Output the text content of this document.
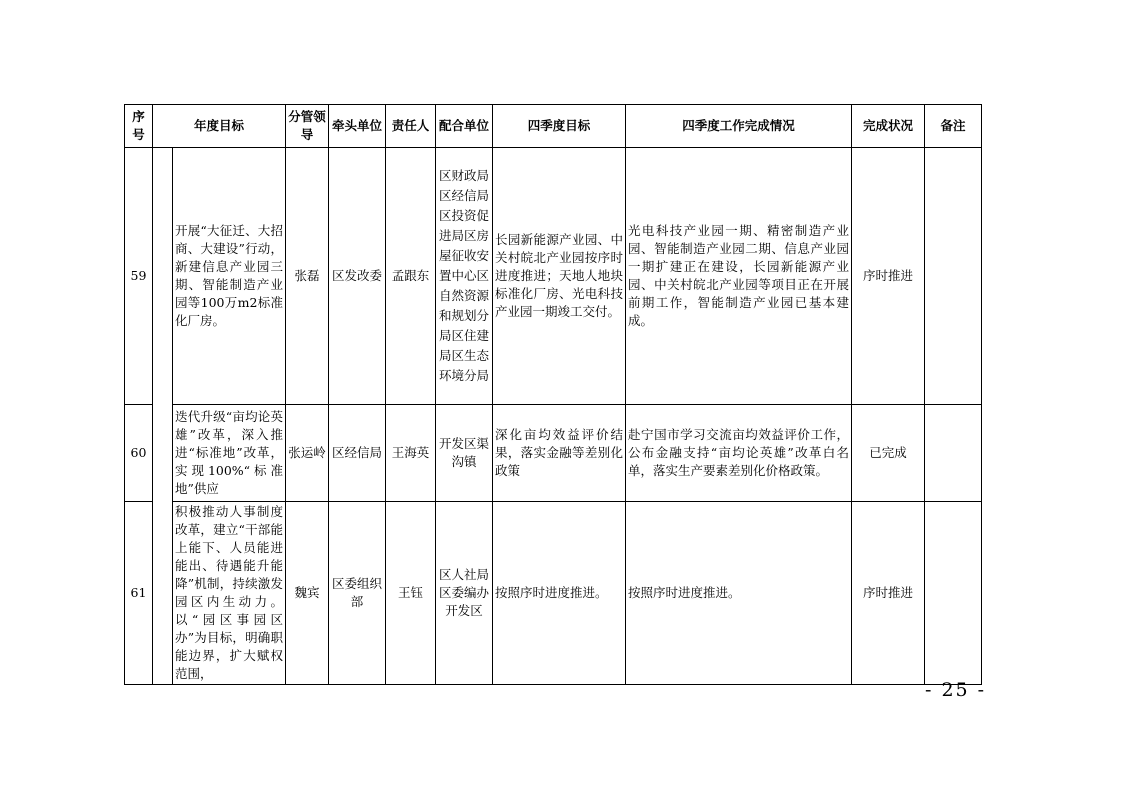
序号	年度目标		分管领导	牵头单位	责任人	配合单位	四季度目标	四季度工作完成情况	完成状况	备注
59		开展“大征迁、大招商、大建设”行动，新建信息产业园三期、智能制造产业园等100万m2标准化厂房。	张磊	区发改委	孟跟东	区财政局区经信局区投资促进局区房屋征收安置中心区自然资源和规划分局区住建局区生态环境分局	长园新能源产业园、中关村皖北产业园按序时进度推进；天地人地块标准化厂房、光电科技产业园一期竣工交付。	光电科技产业园一期、精密制造产业园、智能制造产业园二期、信息产业园一期扩建正在建设，长园新能源产业园、中关村皖北产业园等项目正在开展前期工作，智能制造产业园已基本建成。	序时推进	
60		迭代升级“亩均论英雄”改革，深入推进“标准地”改革，实现100%“标准地”供应	张运岭	区经信局	王海英	开发区渠沟镇	深化亩均效益评价结果，落实金融等差别化政策	赴宁国市学习交流亩均效益评价工作，公布金融支持“亩均论英雄”改革白名单，落实生产要素差别化价格政策。	已完成	
61		积极推动人事制度改革，建立“干部能上能下、人员能进能出、待遇能升能降”机制，持续激发园区内生动力。以“园区事园区办”为目标，明确职能边界，扩大赋权范围，	魏宾	区委组织部	王钰	区人社局区委编办开发区	按照序时进度推进。	按照序时进度推进。	序时推进	
- 25 -
